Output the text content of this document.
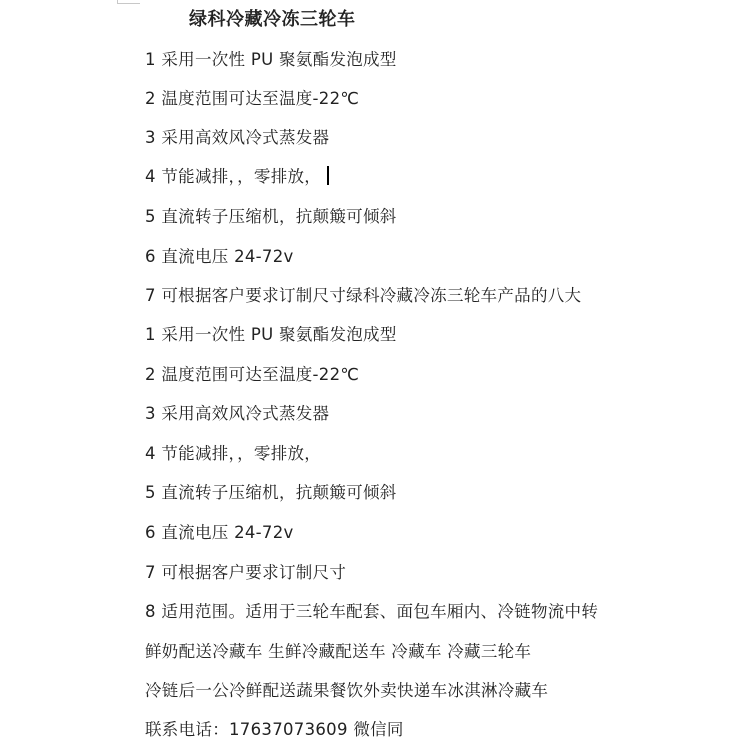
绿科冷藏冷冻三轮车
1 采用一次性 PU 聚氨酯发泡成型
2 温度范围可达至温度-22℃
3 采用高效风冷式蒸发器
4 节能减排，，零排放，
5 直流转子压缩机，抗颠簸可倾斜
6 直流电压 24-72v
7 可根据客户要求订制尺寸绿科冷藏冷冻三轮车产品的八大
1 采用一次性 PU 聚氨酯发泡成型
2 温度范围可达至温度-22℃
3 采用高效风冷式蒸发器
4 节能减排，，零排放，
5 直流转子压缩机，抗颠簸可倾斜
6 直流电压 24-72v
7 可根据客户要求订制尺寸
8 适用范围。适用于三轮车配套、面包车厢内、冷链物流中转
鲜奶配送冷藏车 生鲜冷藏配送车 冷藏车 冷藏三轮车
冷链后一公冷鲜配送蔬果餐饮外卖快递车冰淇淋冷藏车
联系电话：17637073609 微信同
